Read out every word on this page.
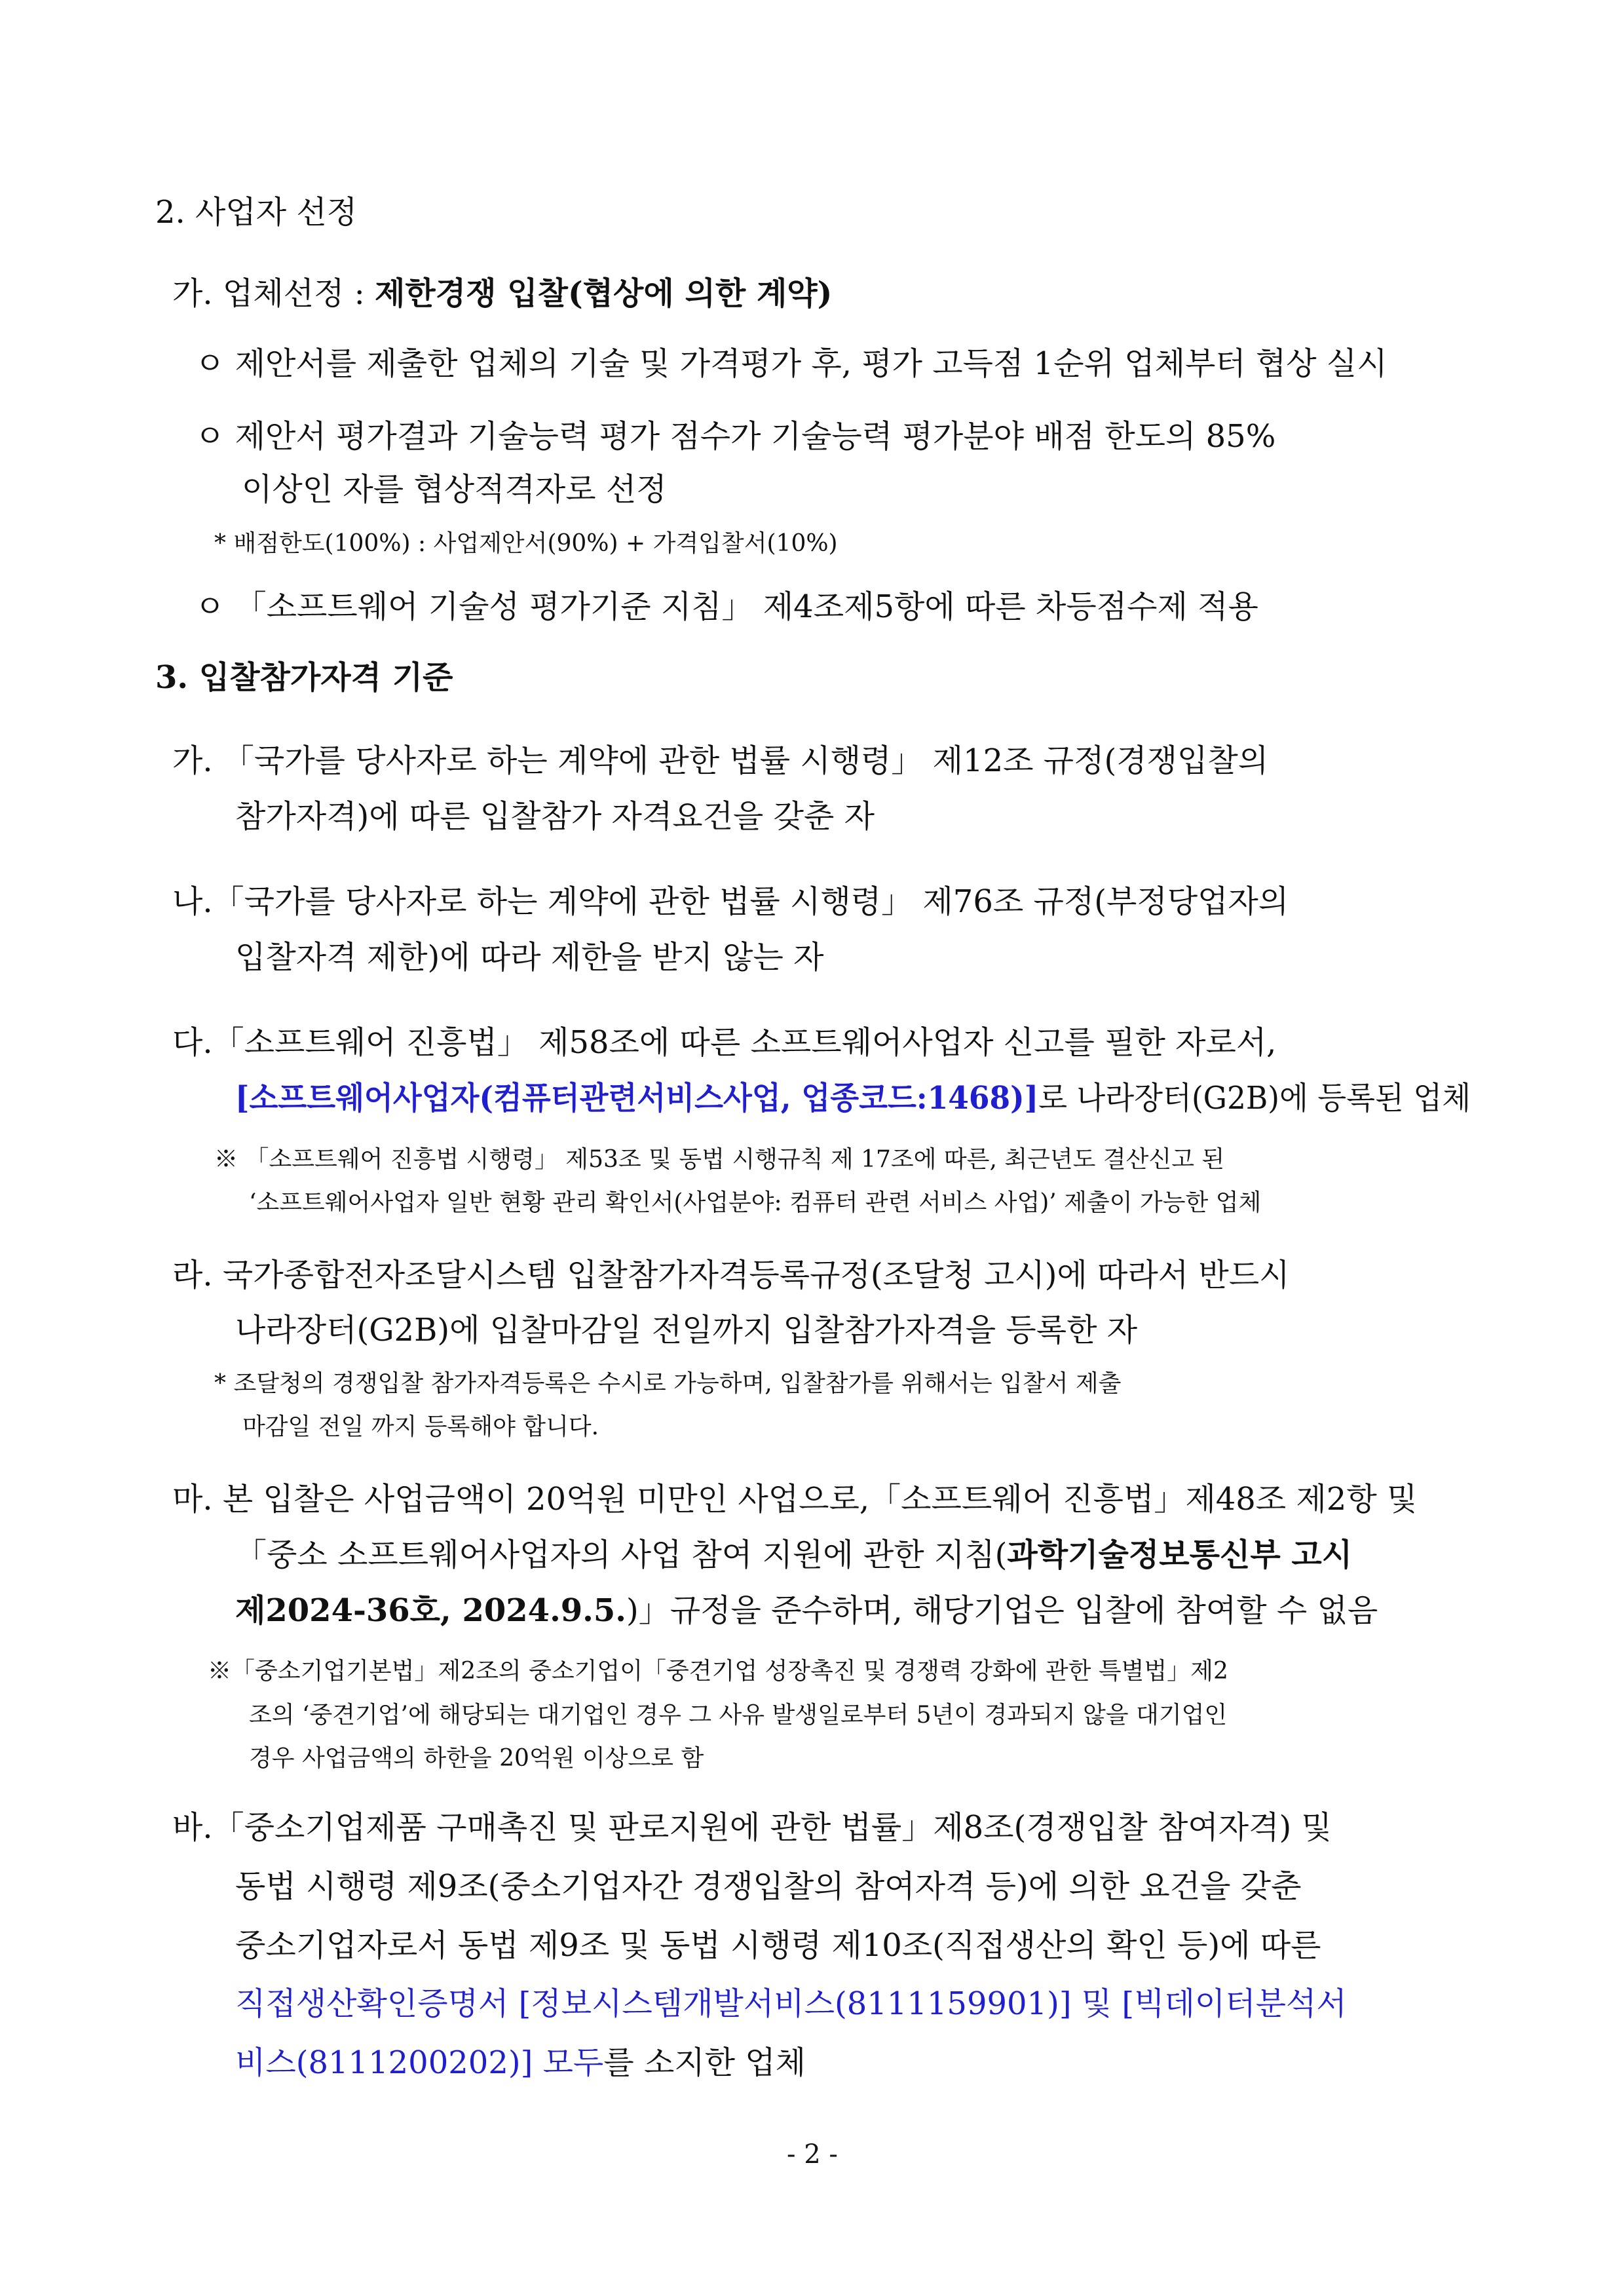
2. 사업자 선정
가. 업체선정 : 제한경쟁 입찰(협상에 의한 계약)
ㅇ 제안서를 제출한 업체의 기술 및 가격평가 후, 평가 고득점 1순위 업체부터 협상 실시
ㅇ 제안서 평가결과 기술능력 평가 점수가 기술능력 평가분야 배점 한도의 85%
이상인 자를 협상적격자로 선정
* 배점한도(100%) : 사업제안서(90%) + 가격입찰서(10%)
ㅇ 「소프트웨어 기술성 평가기준 지침」 제4조제5항에 따른 차등점수제 적용
3. 입찰참가자격 기준
가. 「국가를 당사자로 하는 계약에 관한 법률 시행령」 제12조 규정(경쟁입찰의
참가자격)에 따른 입찰참가 자격요건을 갖춘 자
나.「국가를 당사자로 하는 계약에 관한 법률 시행령」 제76조 규정(부정당업자의
입찰자격 제한)에 따라 제한을 받지 않는 자
다.「소프트웨어 진흥법」 제58조에 따른 소프트웨어사업자 신고를 필한 자로서,
[소프트웨어사업자(컴퓨터관련서비스사업, 업종코드:1468)]로 나라장터(G2B)에 등록된 업체
※ 「소프트웨어 진흥법 시행령」 제53조 및 동법 시행규칙 제 17조에 따른, 최근년도 결산신고 된
‘소프트웨어사업자 일반 현황 관리 확인서(사업분야: 컴퓨터 관련 서비스 사업)’ 제출이 가능한 업체
라. 국가종합전자조달시스템 입찰참가자격등록규정(조달청 고시)에 따라서 반드시
나라장터(G2B)에 입찰마감일 전일까지 입찰참가자격을 등록한 자
* 조달청의 경쟁입찰 참가자격등록은 수시로 가능하며, 입찰참가를 위해서는 입찰서 제출
마감일 전일 까지 등록해야 합니다.
마. 본 입찰은 사업금액이 20억원 미만인 사업으로,「소프트웨어 진흥법」제48조 제2항 및
「중소 소프트웨어사업자의 사업 참여 지원에 관한 지침(과학기술정보통신부 고시
제2024-36호, 2024.9.5.)」규정을 준수하며, 해당기업은 입찰에 참여할 수 없음
※「중소기업기본법」제2조의 중소기업이「중견기업 성장촉진 및 경쟁력 강화에 관한 특별법」제2
조의 ‘중견기업’에 해당되는 대기업인 경우 그 사유 발생일로부터 5년이 경과되지 않을 대기업인
경우 사업금액의 하한을 20억원 이상으로 함
바.「중소기업제품 구매촉진 및 판로지원에 관한 법률」제8조(경쟁입찰 참여자격) 및
동법 시행령 제9조(중소기업자간 경쟁입찰의 참여자격 등)에 의한 요건을 갖춘
중소기업자로서 동법 제9조 및 동법 시행령 제10조(직접생산의 확인 등)에 따른
직접생산확인증명서 [정보시스템개발서비스(8111159901)] 및 [빅데이터분석서
비스(8111200202)] 모두를 소지한 업체
- 2 -
